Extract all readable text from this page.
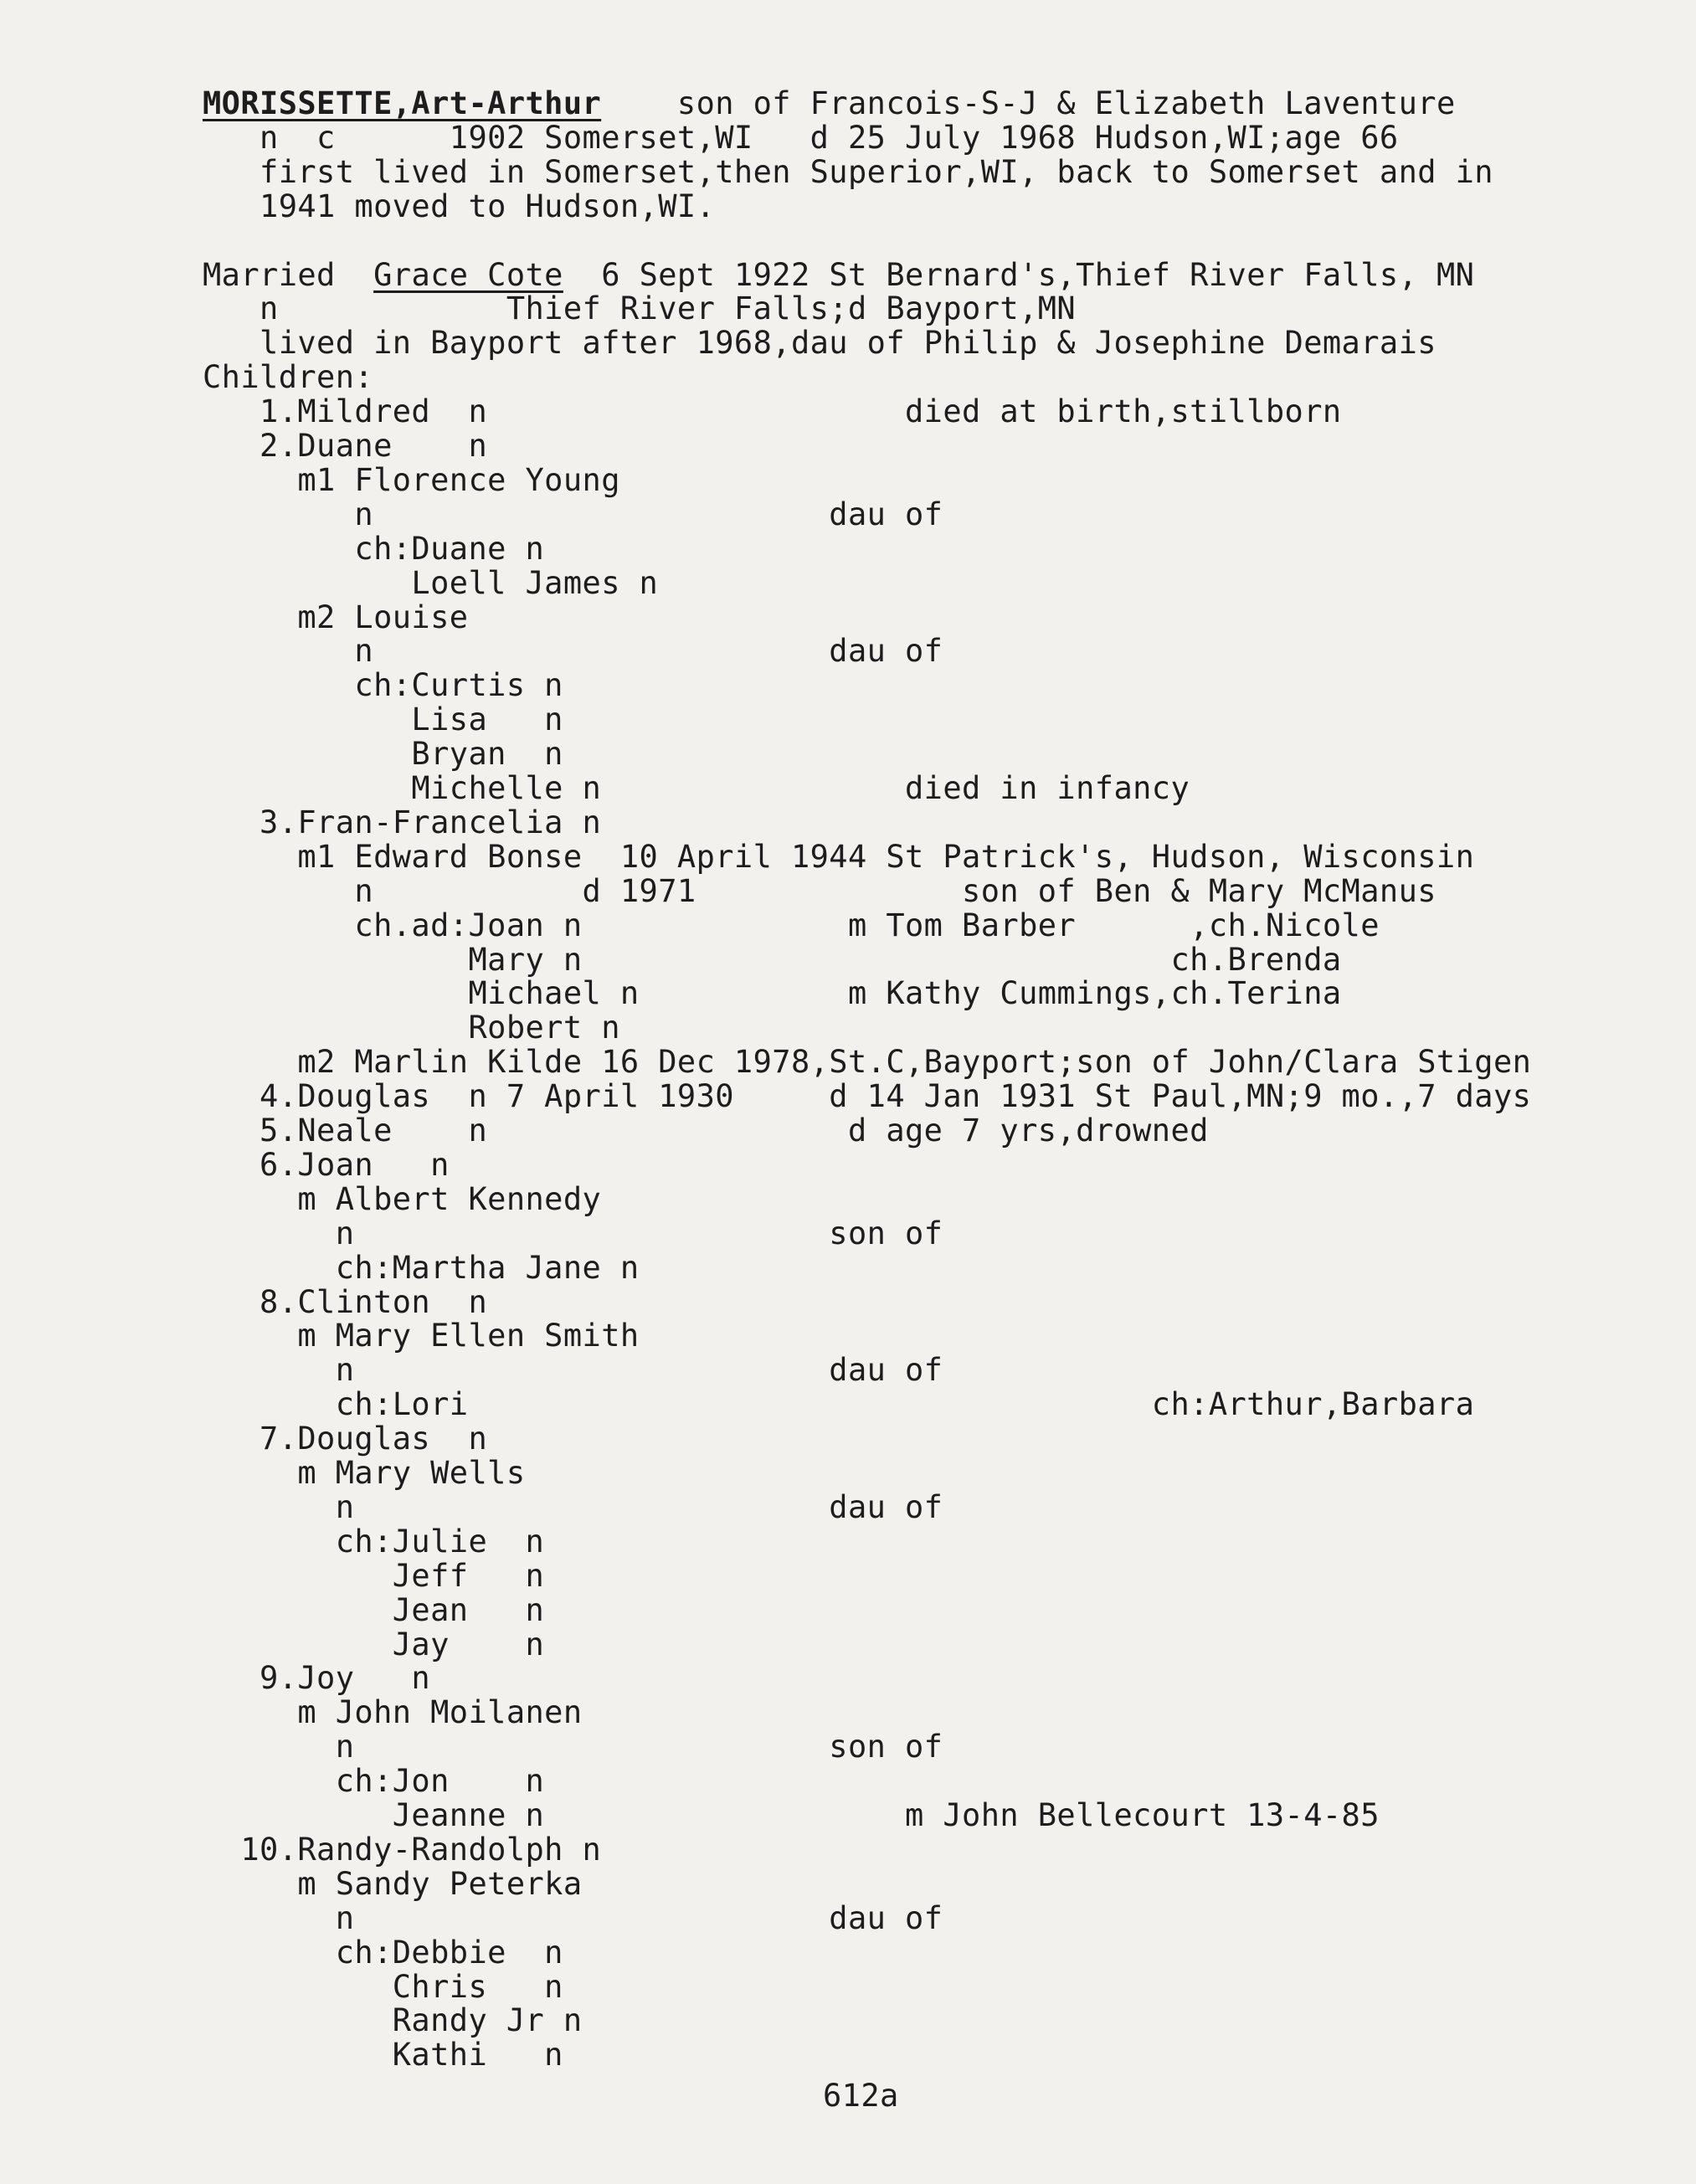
MORISSETTE,Art-Arthur    son of Francois-S-J & Elizabeth Laventure
n  c      1902 Somerset,WI   d 25 July 1968 Hudson,WI;age 66
first lived in Somerset,then Superior,WI, back to Somerset and in
1941 moved to Hudson,WI.
Married  Grace Cote  6 Sept 1922 St Bernard's,Thief River Falls, MN
n            Thief River Falls;d Bayport,MN
lived in Bayport after 1968,dau of Philip & Josephine Demarais
Children:
1.Mildred  n                      died at birth,stillborn
2.Duane    n
m1 Florence Young
n                        dau of
ch:Duane n
Loell James n
m2 Louise
n                        dau of
ch:Curtis n
Lisa   n
Bryan  n
Michelle n                died in infancy
3.Fran-Francelia n
m1 Edward Bonse  10 April 1944 St Patrick's, Hudson, Wisconsin
n           d 1971              son of Ben & Mary McManus
ch.ad:Joan n              m Tom Barber      ,ch.Nicole
Mary n                               ch.Brenda
Michael n           m Kathy Cummings,ch.Terina
Robert n
m2 Marlin Kilde 16 Dec 1978,St.C,Bayport;son of John/Clara Stigen
4.Douglas  n 7 April 1930     d 14 Jan 1931 St Paul,MN;9 mo.,7 days
5.Neale    n                   d age 7 yrs,drowned
6.Joan   n
m Albert Kennedy
n                         son of
ch:Martha Jane n
8.Clinton  n
m Mary Ellen Smith
n                         dau of
ch:Lori                                    ch:Arthur,Barbara
7.Douglas  n
m Mary Wells
n                         dau of
ch:Julie  n
Jeff   n
Jean   n
Jay    n
9.Joy   n
m John Moilanen
n                         son of
ch:Jon    n
Jeanne n                   m John Bellecourt 13-4-85
10.Randy-Randolph n
m Sandy Peterka
n                         dau of
ch:Debbie  n
Chris   n
Randy Jr n
Kathi   n
612a
